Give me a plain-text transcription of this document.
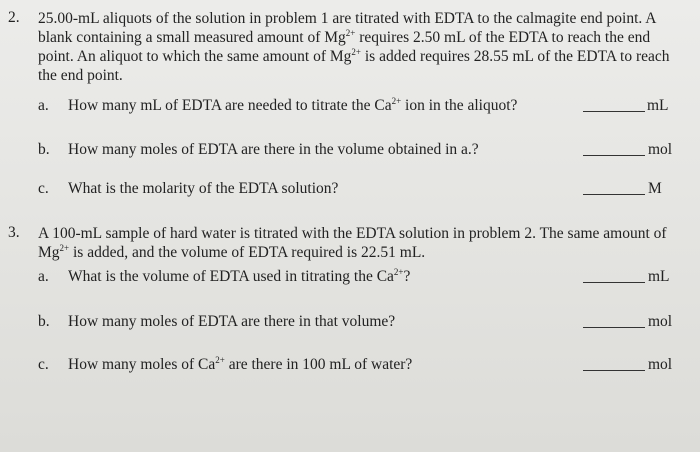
2. 25.00-mL aliquots of the solution in problem 1 are titrated with EDTA to the calmagite end point. A blank containing a small measured amount of $Mg^{2+}$ requires 2.50 mL of the EDTA to reach the end point. An aliquot to which the same amount of $Mg^{2+}$ is added requires 28.55 mL of the EDTA to reach the end point.
a. How many mL of EDTA are needed to titrate the $Ca^{2+}$ ion in the aliquot?	mL
b. How many moles of EDTA are there in the volume obtained in a.?	mol
c. What is the molarity of the EDTA solution?	M
3. A 100-mL sample of hard water is titrated with the EDTA solution in problem 2. The same amount of $Mg^{2+}$ is added, and the volume of EDTA required is 22.51 mL.
a. What is the volume of EDTA used in titrating the $Ca^{2+}$?	mL
b. How many moles of EDTA are there in that volume?	mol
c. How many moles of $Ca^{2+}$ are there in 100 mL of water?	mol
